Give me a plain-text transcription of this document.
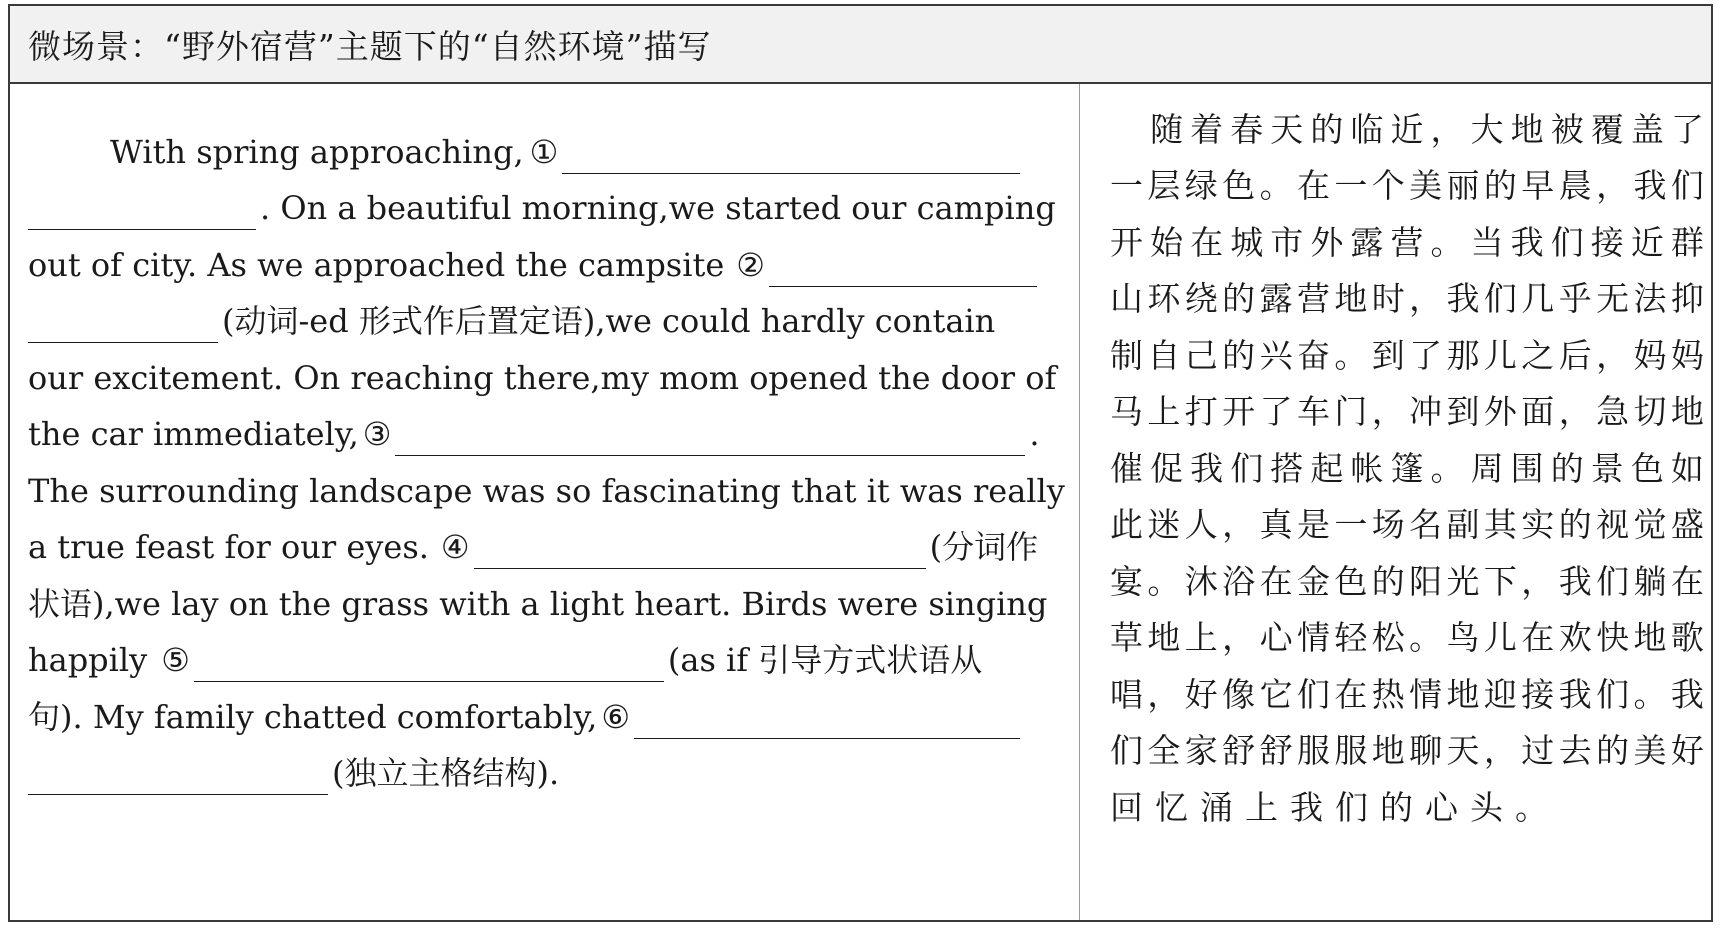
微场景：“野外宿营”主题下的“自然环境”描写
With spring approaching, ①
. On a beautiful morning,we started our camping
out of city. As we approached the campsite ②
(动词-ed 形式作后置定语),we could hardly contain
our excitement. On reaching there,my mom opened the door of
the car immediately, ③	.
The surrounding landscape was so fascinating that it was really
a true feast for our eyes. ④	(分词作
状语),we lay on the grass with a light heart. Birds were singing
happily ⑤	(as if 引导方式状语从
句). My family chatted comfortably, ⑥
(独立主格结构).

随 着 春 天 的 临 近 ， 大 地 被 覆 盖 了
一 层 绿 色 。 在 一 个 美 丽 的 早 晨 ， 我 们
开 始 在 城 市 外 露 营 。 当 我 们 接 近 群
山 环 绕 的 露 营 地 时 ， 我 们 几 乎 无 法 抑
制 自 己 的 兴 奋 。 到 了 那 儿 之 后 ， 妈 妈
马 上 打 开 了 车 门 ， 冲 到 外 面 ， 急 切 地
催 促 我 们 搭 起 帐 篷 。 周 围 的 景 色 如
此 迷 人 ， 真 是 一 场 名 副 其 实 的 视 觉 盛
宴 。 沐 浴 在 金 色 的 阳 光 下 ， 我 们 躺 在
草 地 上 ， 心 情 轻 松 。 鸟 儿 在 欢 快 地 歌
唱 ， 好 像 它 们 在 热 情 地 迎 接 我 们 。 我
们 全 家 舒 舒 服 服 地 聊 天 ， 过 去 的 美 好
回 忆 涌 上 我 们 的 心 头 。
